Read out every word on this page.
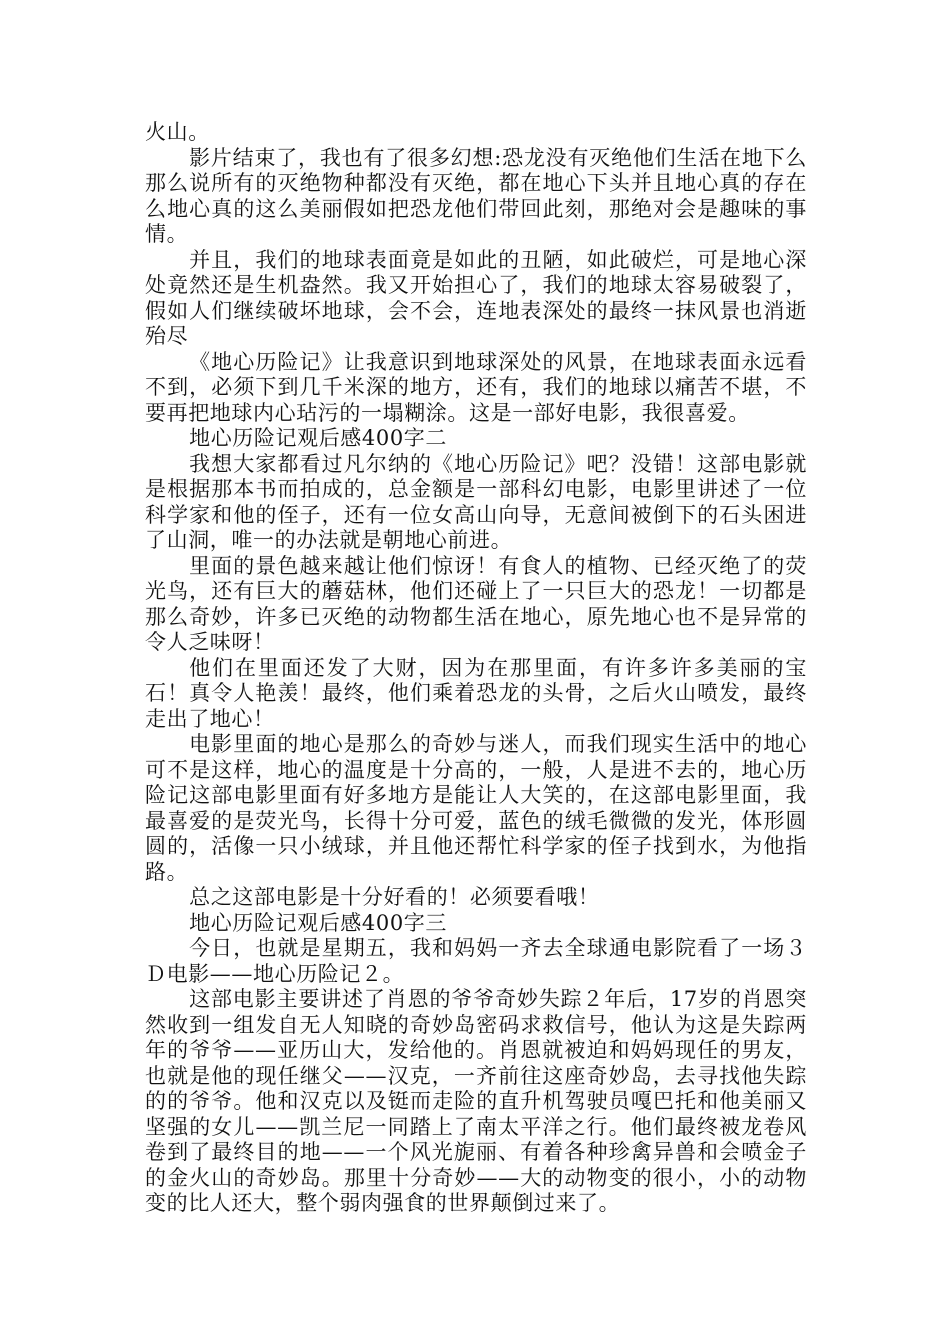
火山。

影片结束了，我也有了很多幻想:恐龙没有灭绝他们生活在地下么那么说所有的灭绝物种都没有灭绝，都在地心下头并且地心真的存在么地心真的这么美丽假如把恐龙他们带回此刻，那绝对会是趣味的事情。

并且，我们的地球表面竟是如此的丑陋，如此破烂，可是地心深处竟然还是生机盎然。我又开始担心了，我们的地球太容易破裂了，假如人们继续破坏地球，会不会，连地表深处的最终一抹风景也消逝殆尽

《地心历险记》让我意识到地球深处的风景，在地球表面永远看不到，必须下到几千米深的地方，还有，我们的地球以痛苦不堪，不要再把地球内心玷污的一塌糊涂。这是一部好电影，我很喜爱。

地心历险记观后感400字二

我想大家都看过凡尔纳的《地心历险记》吧？没错！这部电影就是根据那本书而拍成的，总金额是一部科幻电影，电影里讲述了一位科学家和他的侄子，还有一位女高山向导，无意间被倒下的石头困进了山洞，唯一的办法就是朝地心前进。

里面的景色越来越让他们惊讶！有食人的植物、已经灭绝了的荧光鸟，还有巨大的蘑菇林，他们还碰上了一只巨大的恐龙！一切都是那么奇妙，许多已灭绝的动物都生活在地心，原先地心也不是异常的令人乏味呀！

他们在里面还发了大财，因为在那里面，有许多许多美丽的宝石！真令人艳羡！最终，他们乘着恐龙的头骨，之后火山喷发，最终走出了地心！

电影里面的地心是那么的奇妙与迷人，而我们现实生活中的地心可不是这样，地心的温度是十分高的，一般，人是进不去的，地心历险记这部电影里面有好多地方是能让人大笑的，在这部电影里面，我最喜爱的是荧光鸟，长得十分可爱，蓝色的绒毛微微的发光，体形圆圆的，活像一只小绒球，并且他还帮忙科学家的侄子找到水，为他指路。

总之这部电影是十分好看的！必须要看哦！

地心历险记观后感400字三

今日，也就是星期五，我和妈妈一齐去全球通电影院看了一场３Ｄ电影——地心历险记２。

这部电影主要讲述了肖恩的爷爷奇妙失踪２年后，17岁的肖恩突然收到一组发自无人知晓的奇妙岛密码求救信号，他认为这是失踪两年的爷爷——亚历山大，发给他的。肖恩就被迫和妈妈现任的男友，也就是他的现任继父——汉克，一齐前往这座奇妙岛，去寻找他失踪的的爷爷。他和汉克以及铤而走险的直升机驾驶员嘎巴托和他美丽又坚强的女儿——凯兰尼一同踏上了南太平洋之行。他们最终被龙卷风卷到了最终目的地——一个风光旎丽、有着各种珍禽异兽和会喷金子的金火山的奇妙岛。那里十分奇妙——大的动物变的很小，小的动物变的比人还大，整个弱肉强食的世界颠倒过来了。
